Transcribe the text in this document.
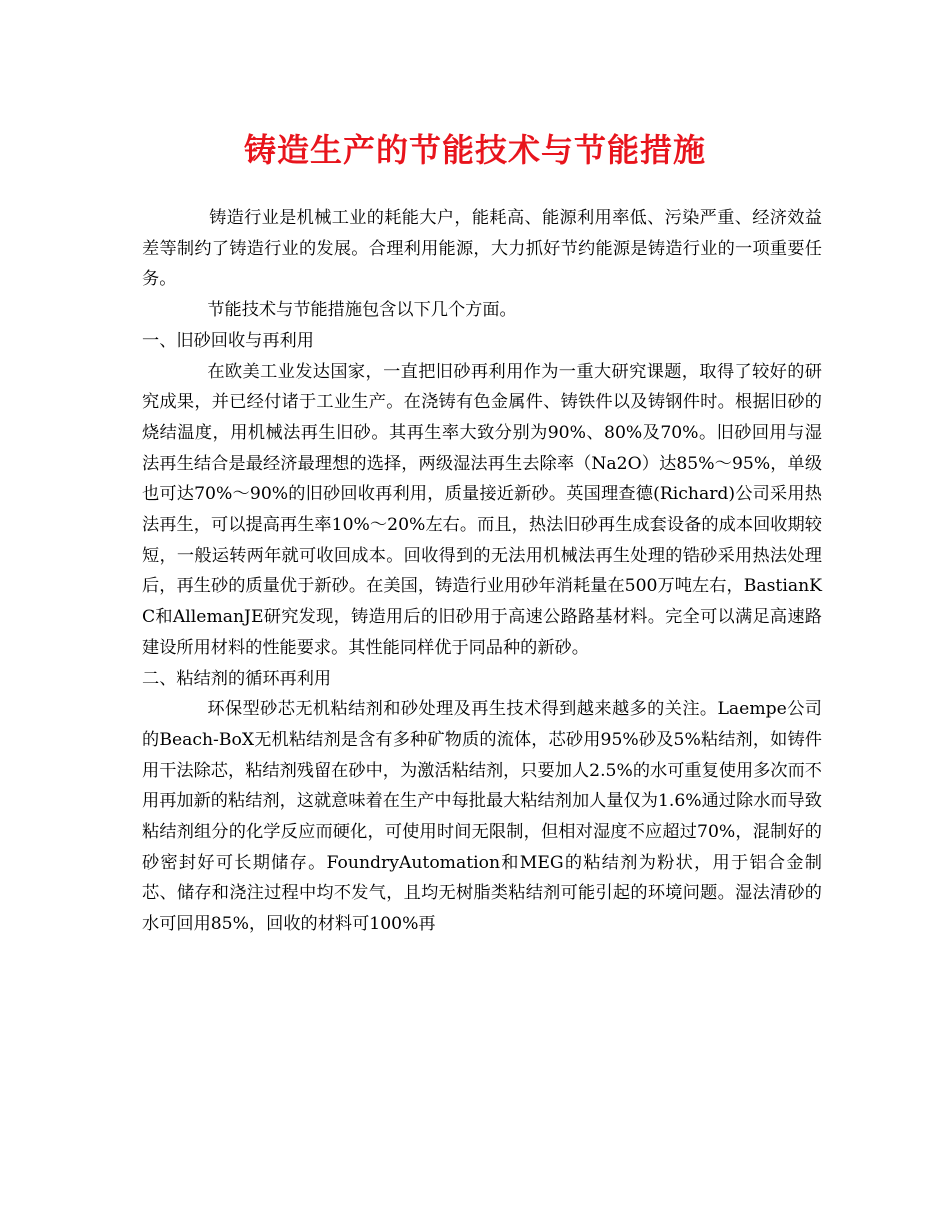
铸造生产的节能技术与节能措施

铸造行业是机械工业的耗能大户，能耗高、能源利用率低、污染严重、经济效益差等制约了铸造行业的发展。合理利用能源，大力抓好节约能源是铸造行业的一项重要任务。

节能技术与节能措施包含以下几个方面。

一、旧砂回收与再利用

在欧美工业发达国家，一直把旧砂再利用作为一重大研究课题，取得了较好的研究成果，并已经付诸于工业生产。在浇铸有色金属件、铸铁件以及铸钢件时。根据旧砂的烧结温度，用机械法再生旧砂。其再生率大致分别为90%、80%及70%。旧砂回用与湿法再生结合是最经济最理想的选择，两级湿法再生去除率（Na2O）达85%～95%，单级也可达70%～90%的旧砂回收再利用，质量接近新砂。英国理查德(Richard)公司采用热法再生，可以提高再生率10%～20%左右。而且，热法旧砂再生成套设备的成本回收期较短，一般运转两年就可收回成本。回收得到的无法用机械法再生处理的锆砂采用热法处理后，再生砂的质量优于新砂。在美国，铸造行业用砂年消耗量在500万吨左右，BastianKC和AllemanJE研究发现，铸造用后的旧砂用于高速公路路基材料。完全可以满足高速路建设所用材料的性能要求。其性能同样优于同品种的新砂。

二、粘结剂的循环再利用

环保型砂芯无机粘结剂和砂处理及再生技术得到越来越多的关注。Laempe公司的Beach-BoX无机粘结剂是含有多种矿物质的流体，芯砂用95%砂及5%粘结剂，如铸件用干法除芯，粘结剂残留在砂中，为激活粘结剂，只要加人2.5%的水可重复使用多次而不用再加新的粘结剂，这就意味着在生产中每批最大粘结剂加人量仅为1.6%通过除水而导致粘结剂组分的化学反应而硬化，可使用时间无限制，但相对湿度不应超过70%，混制好的砂密封好可长期储存。FoundryAutomation和MEG的粘结剂为粉状，用于铝合金制芯、储存和浇注过程中均不发气，且均无树脂类粘结剂可能引起的环境问题。湿法清砂的水可回用85%，回收的材料可100%再
